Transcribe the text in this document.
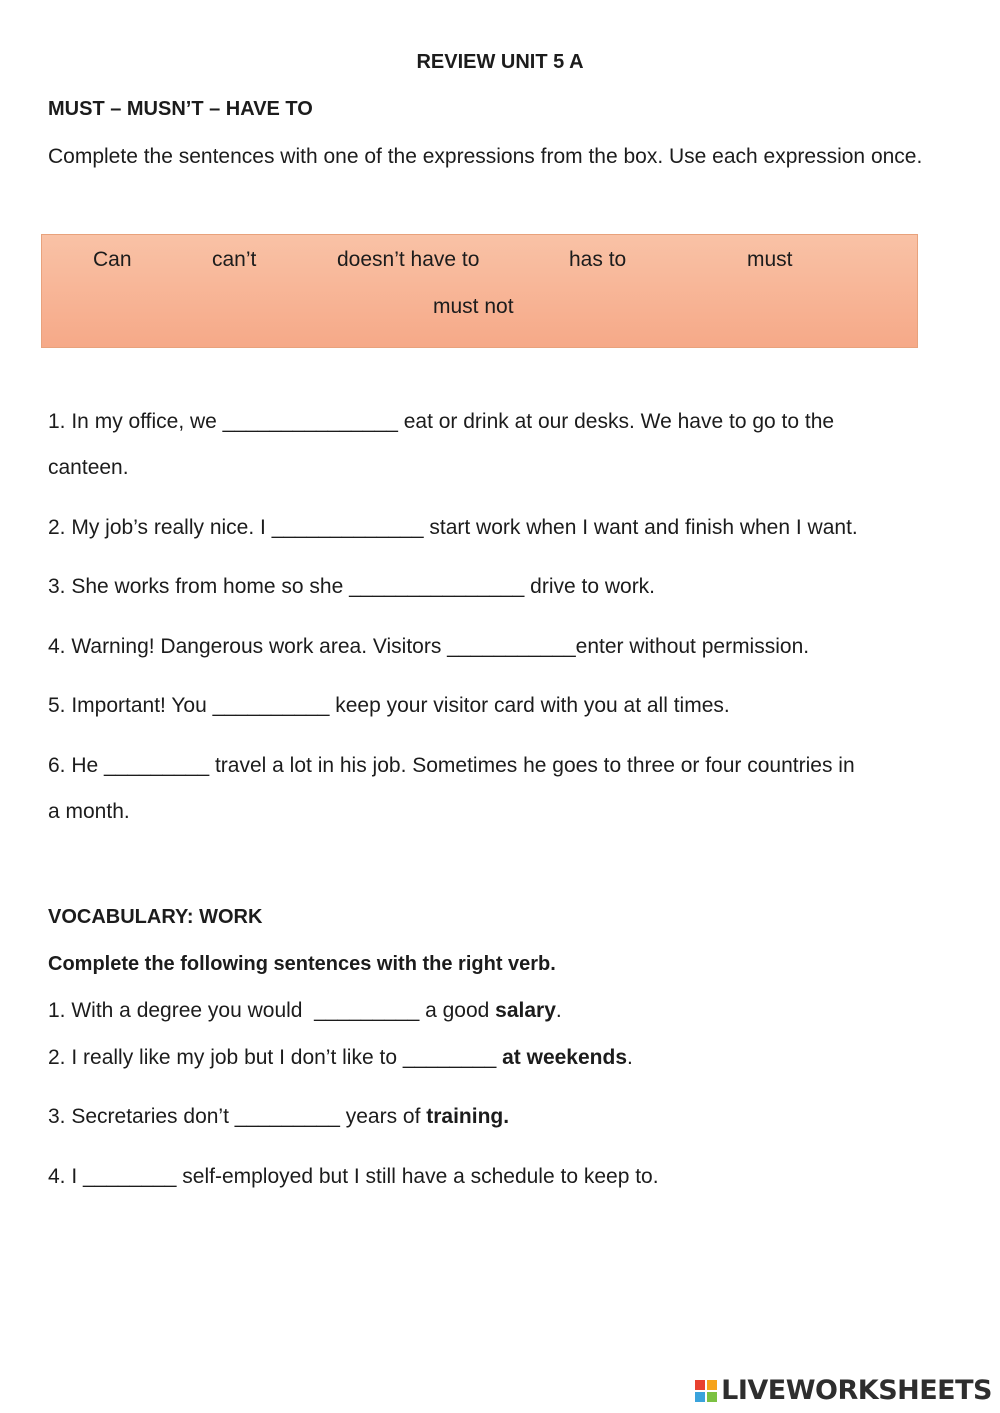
REVIEW UNIT 5 A
MUST – MUSN’T – HAVE TO
Complete the sentences with one of the expressions from the box. Use each expression once.
Can	can’t	doesn’t have to	has to	must
must not
1. In my office, we _______________ eat or drink at our desks. We have to go to the
canteen.
2. My job’s really nice. I _____________ start work when I want and finish when I want.
3. She works from home so she _______________ drive to work.
4. Warning! Dangerous work area. Visitors ___________enter without permission.
5. Important! You __________ keep your visitor card with you at all times.
6. He _________ travel a lot in his job. Sometimes he goes to three or four countries in
a month.
VOCABULARY: WORK
Complete the following sentences with the right verb.
1. With a degree you would  _________ a good salary.
2. I really like my job but I don’t like to ________ at weekends.
3. Secretaries don’t _________ years of training.
4. I ________ self-employed but I still have a schedule to keep to.
LIVEWORKSHEETS
